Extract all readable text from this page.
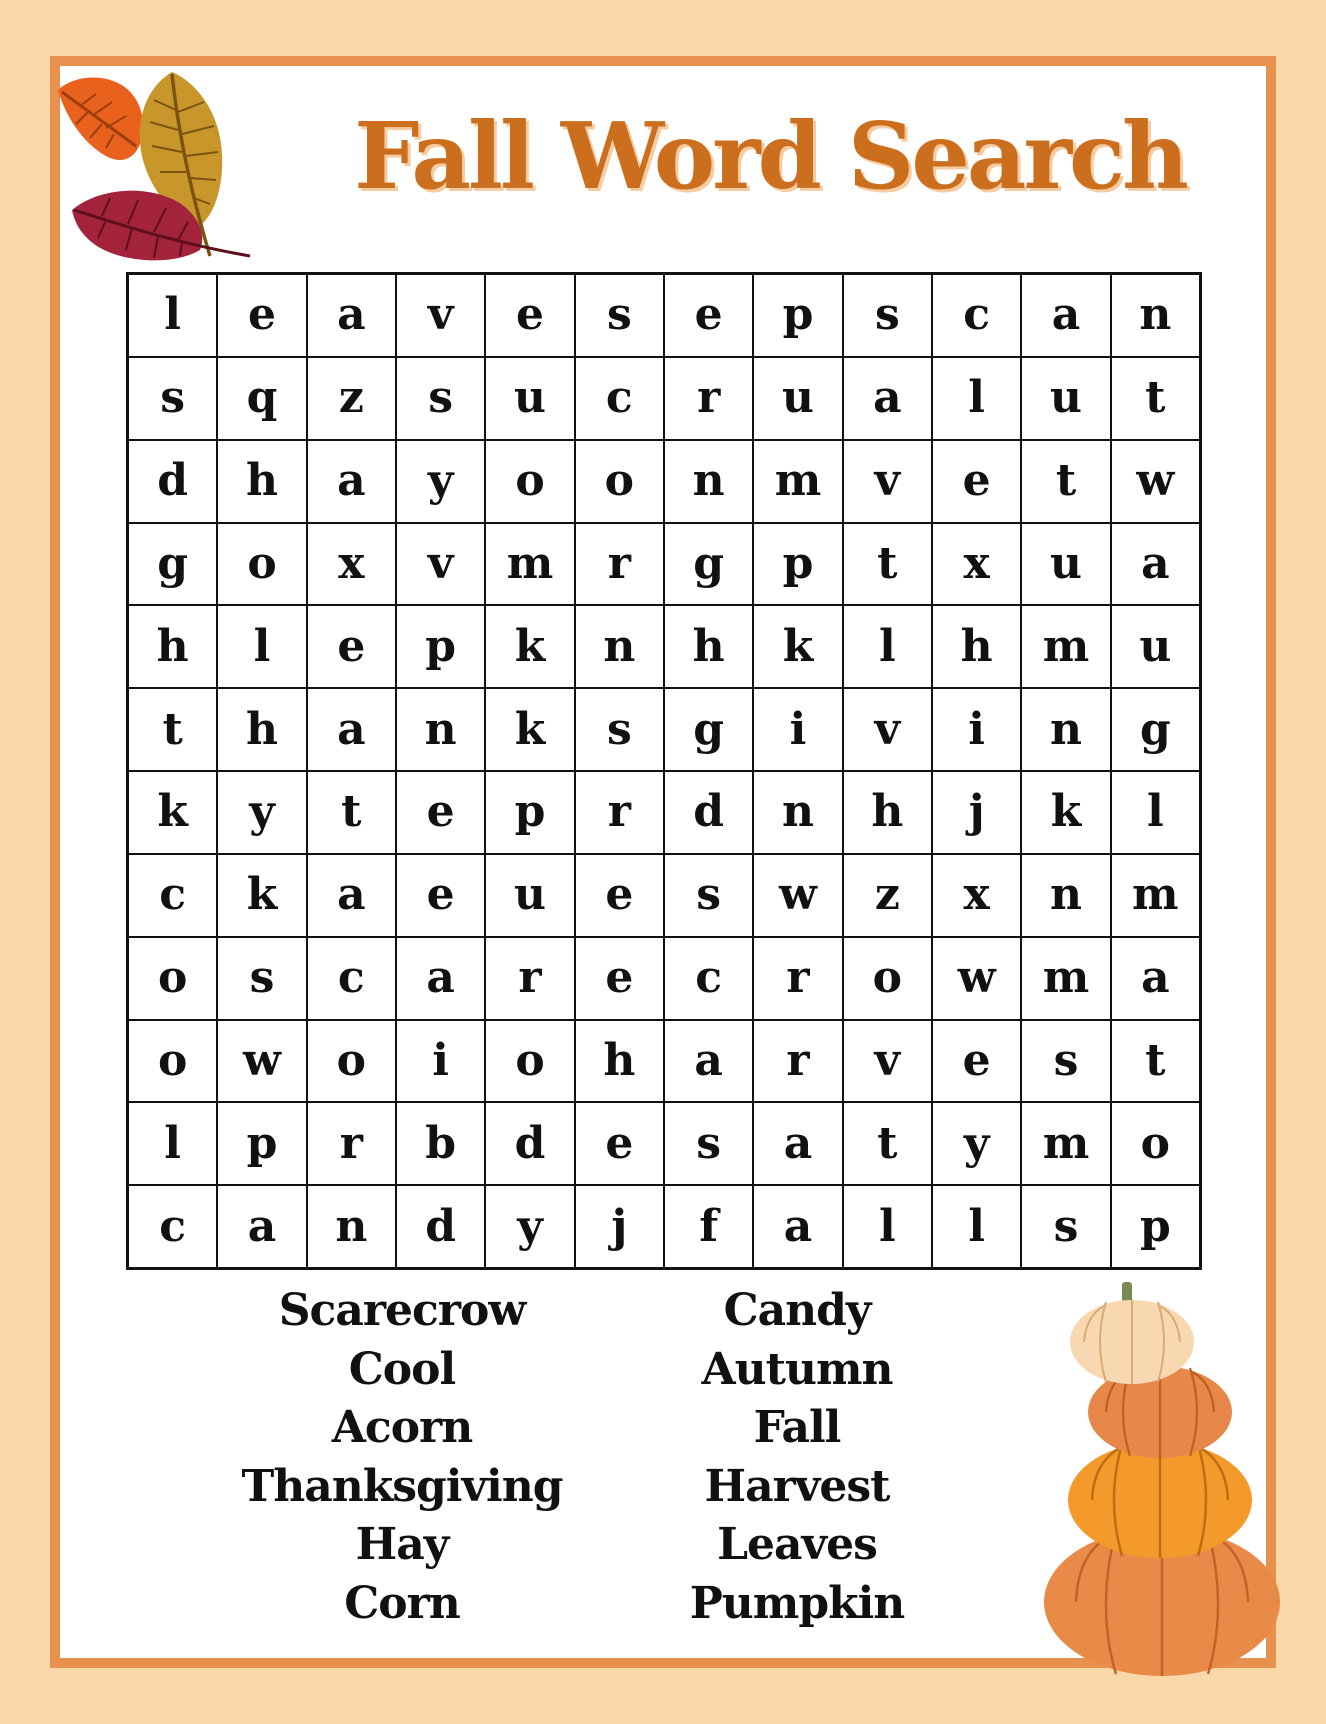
Fall Word Search
l	e	a	v	e	s	e	p	s	c	a	n
s	q	z	s	u	c	r	u	a	l	u	t
d	h	a	y	o	o	n	m	v	e	t	w
g	o	x	v	m	r	g	p	t	x	u	a
h	l	e	p	k	n	h	k	l	h	m	u
t	h	a	n	k	s	g	i	v	i	n	g
k	y	t	e	p	r	d	n	h	j	k	l
c	k	a	e	u	e	s	w	z	x	n	m
o	s	c	a	r	e	c	r	o	w	m	a
o	w	o	i	o	h	a	r	v	e	s	t
l	p	r	b	d	e	s	a	t	y	m	o
c	a	n	d	y	j	f	a	l	l	s	p
Scarecrow
Cool
Acorn
Thanksgiving
Hay
Corn
Candy
Autumn
Fall
Harvest
Leaves
Pumpkin
